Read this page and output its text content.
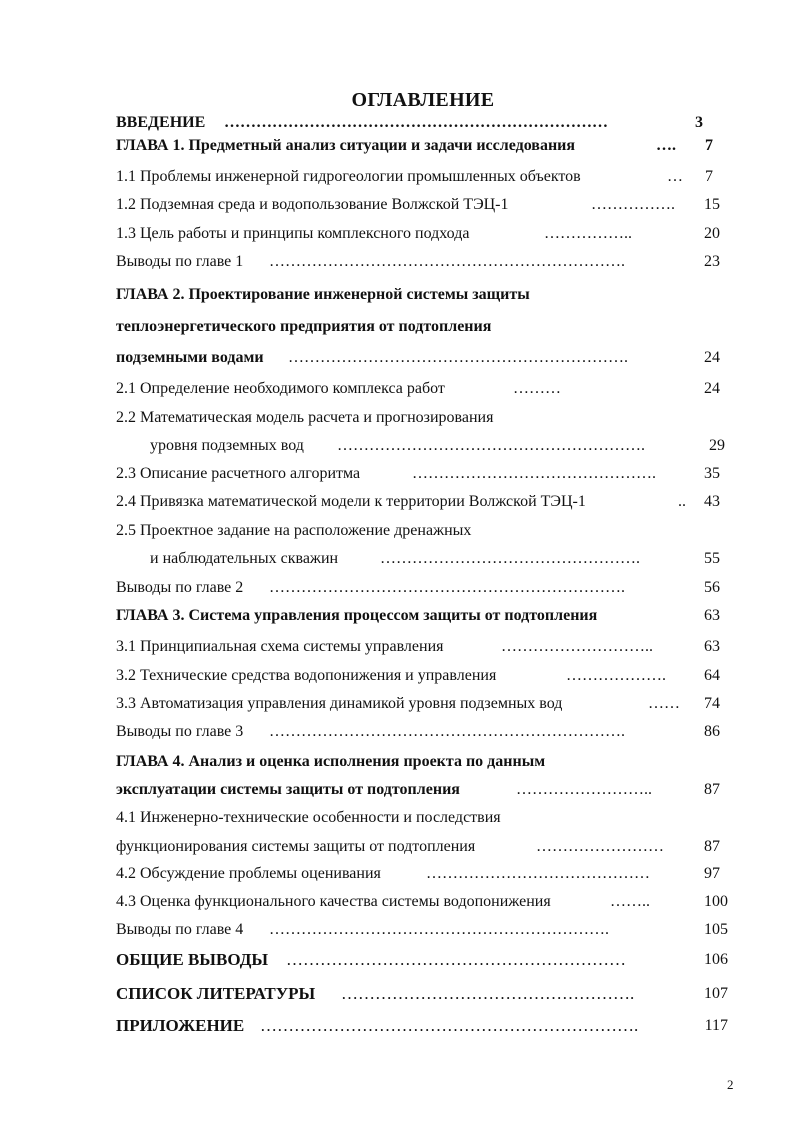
ОГЛАВЛЕНИЕ
ВВЕДЕНИЕ ………………………………………………………………	3
ГЛАВА 1. Предметный анализ ситуации и задачи исследования	….	7
1.1 Проблемы инженерной гидрогеологии промышленных объектов	…	7
1.2 Подземная среда и водопользование Волжской ТЭЦ-1	…………….	15
1.3 Цель работы и принципы комплексного подхода	……………..	20
Выводы по главе 1 ………………………………………………………….	23
ГЛАВА 2. Проектирование инженерной системы защиты
теплоэнергетического предприятия от подтопления
подземными водами ……………………………………………………….	24
2.1 Определение необходимого комплекса работ	………	24
2.2 Математическая модель расчета и прогнозирования
уровня подземных вод ………………………………………………….	29
2.3 Описание расчетного алгоритма	……………………………………….	35
2.4 Привязка математической модели к территории Волжской ТЭЦ-1	..	43
2.5 Проектное задание на расположение дренажных
и наблюдательных скважин	………………………………………….	55
Выводы по главе 2 ………………………………………………………….	56
ГЛАВА 3. Система управления процессом защиты от подтопления	63
3.1 Принципиальная схема системы управления	………………………..	63
3.2 Технические средства водопонижения и управления	……………….	64
3.3 Автоматизация управления динамикой уровня подземных вод	……	74
Выводы по главе 3 ………………………………………………………….	86
ГЛАВА 4. Анализ и оценка исполнения проекта по данным
эксплуатации системы защиты от подтопления	……………………..	87
4.1 Инженерно-технические особенности и последствия
функционирования системы защиты от подтопления	……………………	87
4.2 Обсуждение проблемы оценивания	……………………………………	97
4.3 Оценка функционального качества системы водопонижения	……..	100
Выводы по главе 4 ……………………………………………………….	105
ОБЩИЕ ВЫВОДЫ ……………………………………………………	106
СПИСОК ЛИТЕРАТУРЫ …………………………………………….	107
ПРИЛОЖЕНИЕ ………………………………………………………….	117
2
